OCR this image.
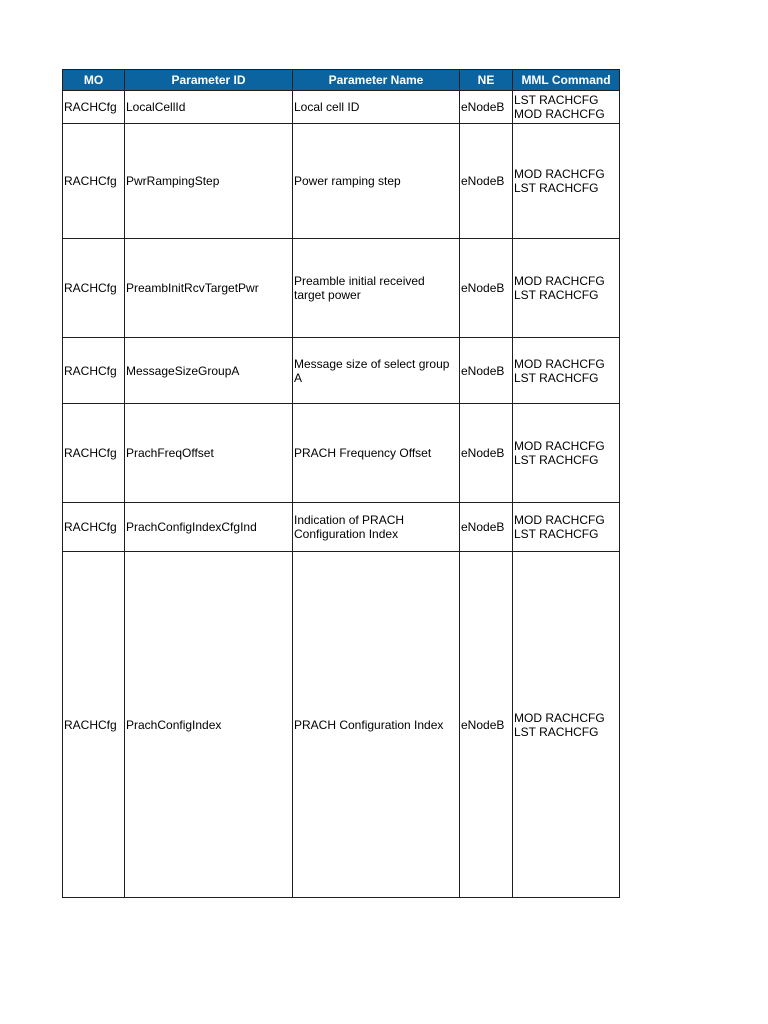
MO	Parameter ID	Parameter Name	NE	MML Command
RACHCfg	LocalCellId	Local cell ID	eNodeB	LST RACHCFG
MOD RACHCFG

RACHCfg	PwrRampingStep	Power ramping step	eNodeB	MOD RACHCFG
LST RACHCFG

RACHCfg	PreambInitRcvTargetPwr	Preamble initial received target power	eNodeB	MOD RACHCFG
LST RACHCFG

RACHCfg	MessageSizeGroupA	Message size of select group A	eNodeB	MOD RACHCFG
LST RACHCFG

RACHCfg	PrachFreqOffset	PRACH Frequency Offset	eNodeB	MOD RACHCFG
LST RACHCFG

RACHCfg	PrachConfigIndexCfgInd	Indication of PRACH Configuration Index	eNodeB	MOD RACHCFG
LST RACHCFG

RACHCfg	PrachConfigIndex	PRACH Configuration Index	eNodeB	MOD RACHCFG
LST RACHCFG
